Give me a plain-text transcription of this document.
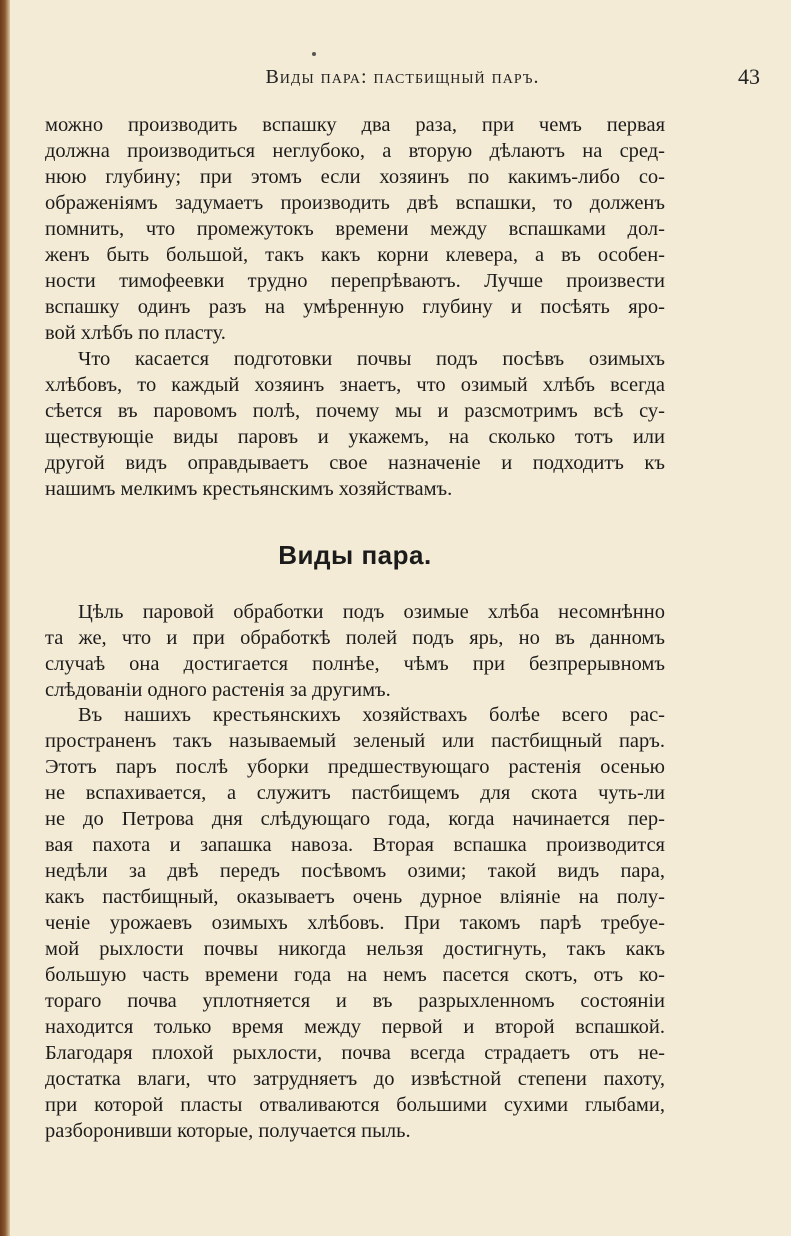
Виды пара: пастбищный паръ.	43
можно производить вспашку два раза, при чемъ первая
должна производиться неглубоко, а вторую дѣлаютъ на сред-
нюю глубину; при этомъ если хозяинъ по какимъ-либо со-
ображеніямъ задумаетъ производить двѣ вспашки, то долженъ
помнить, что промежутокъ времени между вспашками дол-
женъ быть большой, такъ какъ корни клевера, а въ особен-
ности тимофеевки трудно перепрѣваютъ. Лучше произвести
вспашку одинъ разъ на умѣренную глубину и посѣять яро-
вой хлѣбъ по пласту.
Что касается подготовки почвы подъ посѣвъ озимыхъ
хлѣбовъ, то каждый хозяинъ знаетъ, что озимый хлѣбъ всегда
сѣется въ паровомъ полѣ, почему мы и разсмотримъ всѣ су-
ществующіе виды паровъ и укажемъ, на сколько тотъ или
другой видъ оправдываетъ свое назначеніе и подходитъ къ
нашимъ мелкимъ крестьянскимъ хозяйствамъ.
Виды пара.
Цѣль паровой обработки подъ озимые хлѣба несомнѣнно
та же, что и при обработкѣ полей подъ ярь, но въ данномъ
случаѣ она достигается полнѣе, чѣмъ при безпрерывномъ
слѣдованіи одного растенія за другимъ.
Въ нашихъ крестьянскихъ хозяйствахъ болѣе всего рас-
пространенъ такъ называемый зеленый или пастбищный паръ.
Этотъ паръ послѣ уборки предшествующаго растенія осенью
не вспахивается, а служитъ пастбищемъ для скота чуть-ли
не до Петрова дня слѣдующаго года, когда начинается пер-
вая пахота и запашка навоза. Вторая вспашка производится
недѣли за двѣ передъ посѣвомъ озими; такой видъ пара,
какъ пастбищный, оказываетъ очень дурное вліяніе на полу-
ченіе урожаевъ озимыхъ хлѣбовъ. При такомъ парѣ требуе-
мой рыхлости почвы никогда нельзя достигнуть, такъ какъ
большую часть времени года на немъ пасется скотъ, отъ ко-
тораго почва уплотняется и въ разрыхленномъ состояніи
находится только время между первой и второй вспашкой.
Благодаря плохой рыхлости, почва всегда страдаетъ отъ не-
достатка влаги, что затрудняетъ до извѣстной степени пахоту,
при которой пласты отваливаются большими сухими глыбами,
разборонивши которые, получается пыль.
